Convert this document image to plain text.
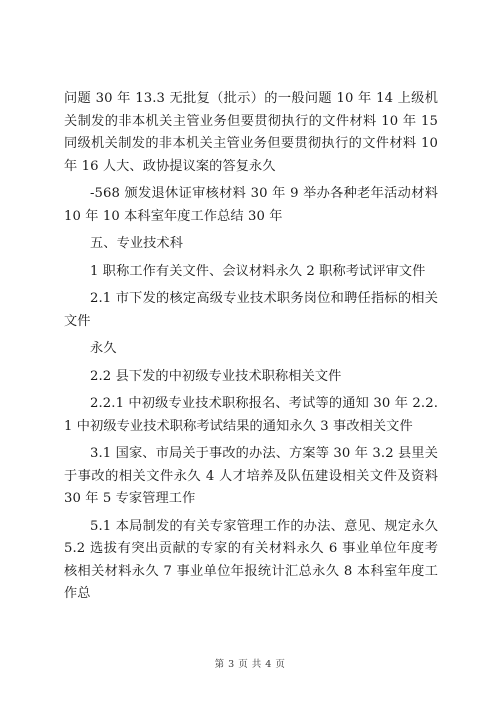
问题 30 年 13.3 无批复（批示）的一般问题 10 年 14 上级机关制发的非本机关主管业务但要贯彻执行的文件材料 10 年 15 同级机关制发的非本机关主管业务但要贯彻执行的文件材料 10 年 16 人大、政协提议案的答复永久

-568 颁发退休证审核材料 30 年 9 举办各种老年活动材料 10 年 10 本科室年度工作总结 30 年

五、专业技术科

1 职称工作有关文件、会议材料永久 2 职称考试评审文件

2.1 市下发的核定高级专业技术职务岗位和聘任指标的相关文件

永久

2.2 县下发的中初级专业技术职称相关文件

2.2.1 中初级专业技术职称报名、考试等的通知 30 年 2.2.1 中初级专业技术职称考试结果的通知永久 3 事改相关文件

3.1 国家、市局关于事改的办法、方案等 30 年 3.2 县里关于事改的相关文件永久 4 人才培养及队伍建设相关文件及资料 30 年 5 专家管理工作

5.1 本局制发的有关专家管理工作的办法、意见、规定永久 5.2 选拔有突出贡献的专家的有关材料永久 6 事业单位年度考核相关材料永久 7 事业单位年报统计汇总永久 8 本科室年度工作总

第 3 页 共 4 页
